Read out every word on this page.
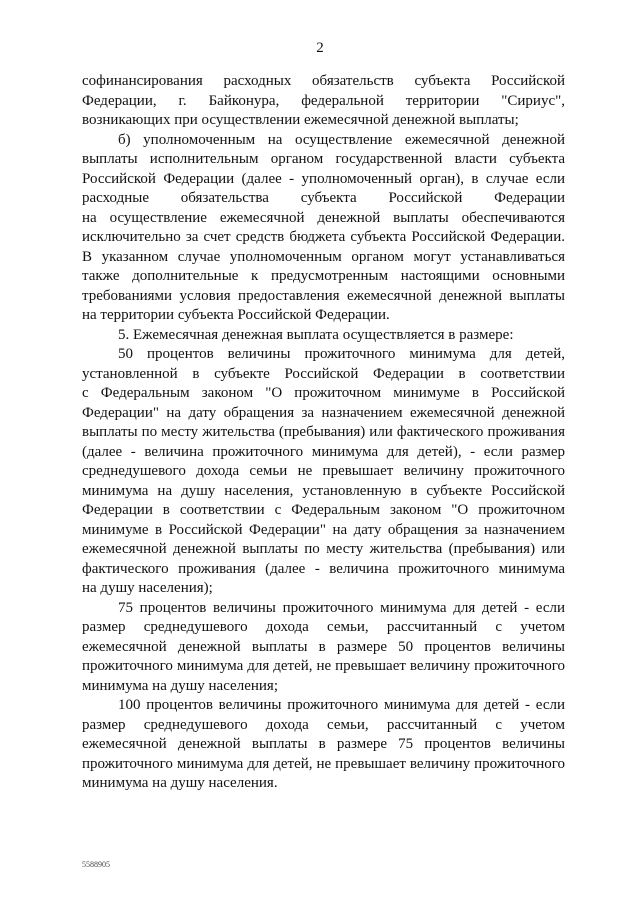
2
софинансирования расходных обязательств субъекта Российской
Федерации, г. Байконура, федеральной территории "Сириус",
возникающих при осуществлении ежемесячной денежной выплаты;
б) уполномоченным на осуществление ежемесячной денежной
выплаты исполнительным органом государственной власти субъекта
Российской Федерации (далее - уполномоченный орган), в случае если
расходные обязательства субъекта Российской Федерации
на осуществление ежемесячной денежной выплаты обеспечиваются
исключительно за счет средств бюджета субъекта Российской Федерации.
В указанном случае уполномоченным органом могут устанавливаться
также дополнительные к предусмотренным настоящими основными
требованиями условия предоставления ежемесячной денежной выплаты
на территории субъекта Российской Федерации.
5. Ежемесячная денежная выплата осуществляется в размере:
50 процентов величины прожиточного минимума для детей,
установленной в субъекте Российской Федерации в соответствии
с Федеральным законом "О прожиточном минимуме в Российской
Федерации" на дату обращения за назначением ежемесячной денежной
выплаты по месту жительства (пребывания) или фактического проживания
(далее - величина прожиточного минимума для детей), - если размер
среднедушевого дохода семьи не превышает величину прожиточного
минимума на душу населения, установленную в субъекте Российской
Федерации в соответствии с Федеральным законом "О прожиточном
минимуме в Российской Федерации" на дату обращения за назначением
ежемесячной денежной выплаты по месту жительства (пребывания) или
фактического проживания (далее - величина прожиточного минимума
на душу населения);
75 процентов величины прожиточного минимума для детей - если
размер среднедушевого дохода семьи, рассчитанный с учетом
ежемесячной денежной выплаты в размере 50 процентов величины
прожиточного минимума для детей, не превышает величину прожиточного
минимума на душу населения;
100 процентов величины прожиточного минимума для детей - если
размер среднедушевого дохода семьи, рассчитанный с учетом
ежемесячной денежной выплаты в размере 75 процентов величины
прожиточного минимума для детей, не превышает величину прожиточного
минимума на душу населения.
5588905
